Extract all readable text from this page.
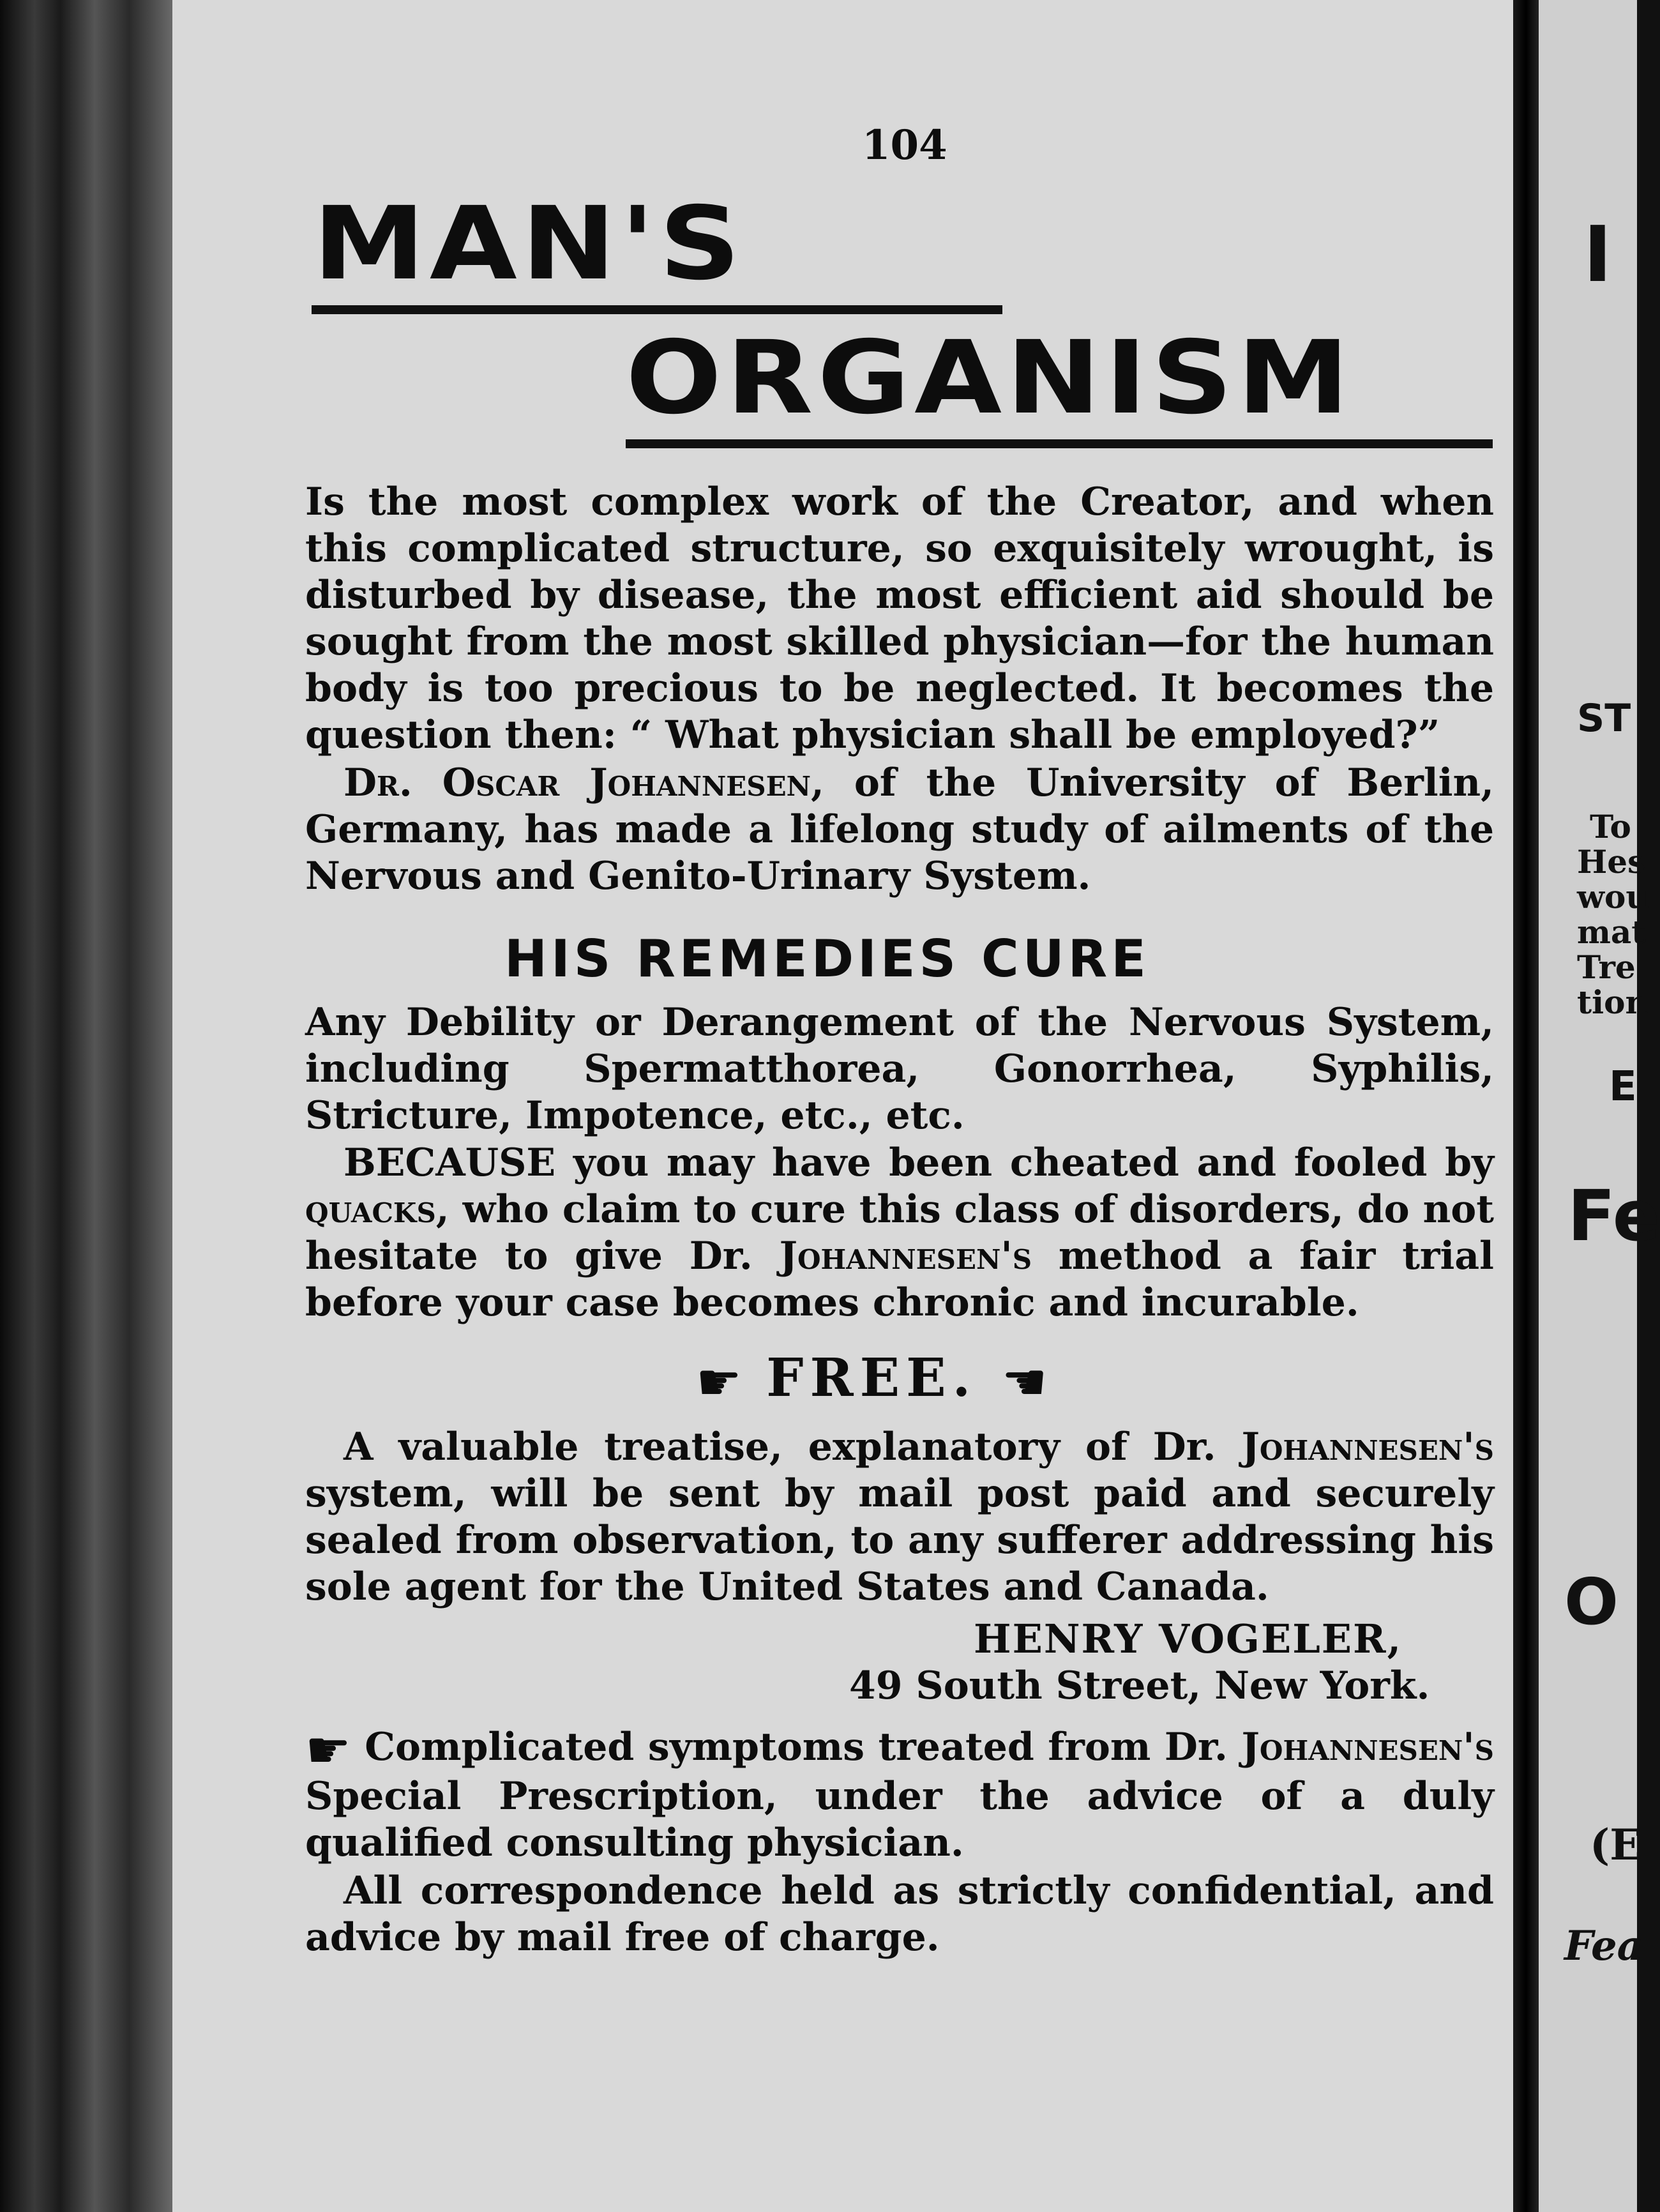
104
MAN'S
ORGANISM

Is the most complex work of the Creator, and when this complicated structure, so exquisitely wrought, is disturbed by disease, the most efficient aid should be sought from the most skilled physician—for the human body is too precious to be neglected. It becomes the question then: “ What physician shall be employed?”

Dr. Oscar Johannesen, of the University of Berlin, Germany, has made a lifelong study of ailments of the Nervous and Genito-Urinary System.

HIS REMEDIES CURE

Any Debility or Derangement of the Nervous System, including Spermatthorea, Gonorrhea, Syphilis, Stricture, Impotence, etc., etc.

BECAUSE you may have been cheated and fooled by quacks, who claim to cure this class of disorders, do not hesitate to give Dr. Johannesen's method a fair trial before your case becomes chronic and incurable.

☛ FREE. ☚

A valuable treatise, explanatory of Dr. Johannesen's system, will be sent by mail post paid and securely sealed from observation, to any sufferer addressing his sole agent for the United States and Canada.

HENRY VOGELER,
49 South Street, New York.

☛ Complicated symptoms treated from Dr. Johannesen's Special Prescription, under the advice of a duly qualified consulting physician.

All correspondence held as strictly confidential, and advice by mail free of charge.

I
ST
To
Hes
wou
mat
Tre
tion
E
Fe
O
(E
Fea
